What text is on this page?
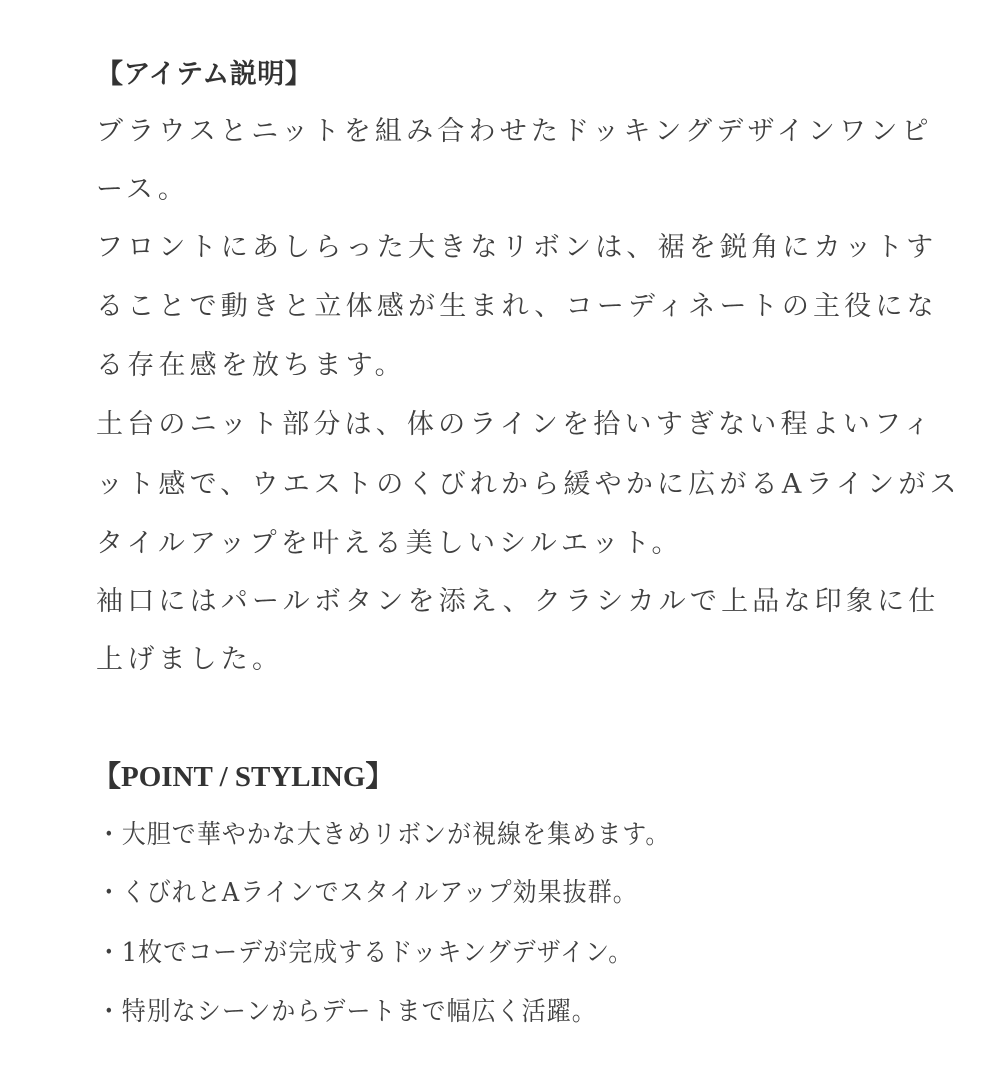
【アイテム説明】
ブラウスとニットを組み合わせたドッキングデザインワンピ
ース。
フロントにあしらった大きなリボンは、裾を鋭角にカットす
ることで動きと立体感が生まれ、コーディネートの主役にな
る存在感を放ちます。
土台のニット部分は、体のラインを拾いすぎない程よいフィ
ット感で、ウエストのくびれから緩やかに広がるAラインがス
タイルアップを叶える美しいシルエット。
袖口にはパールボタンを添え、クラシカルで上品な印象に仕
上げました。
【POINT / STYLING】
・大胆で華やかな大きめリボンが視線を集めます。
・くびれとAラインでスタイルアップ効果抜群。
・1枚でコーデが完成するドッキングデザイン。
・特別なシーンからデートまで幅広く活躍。
